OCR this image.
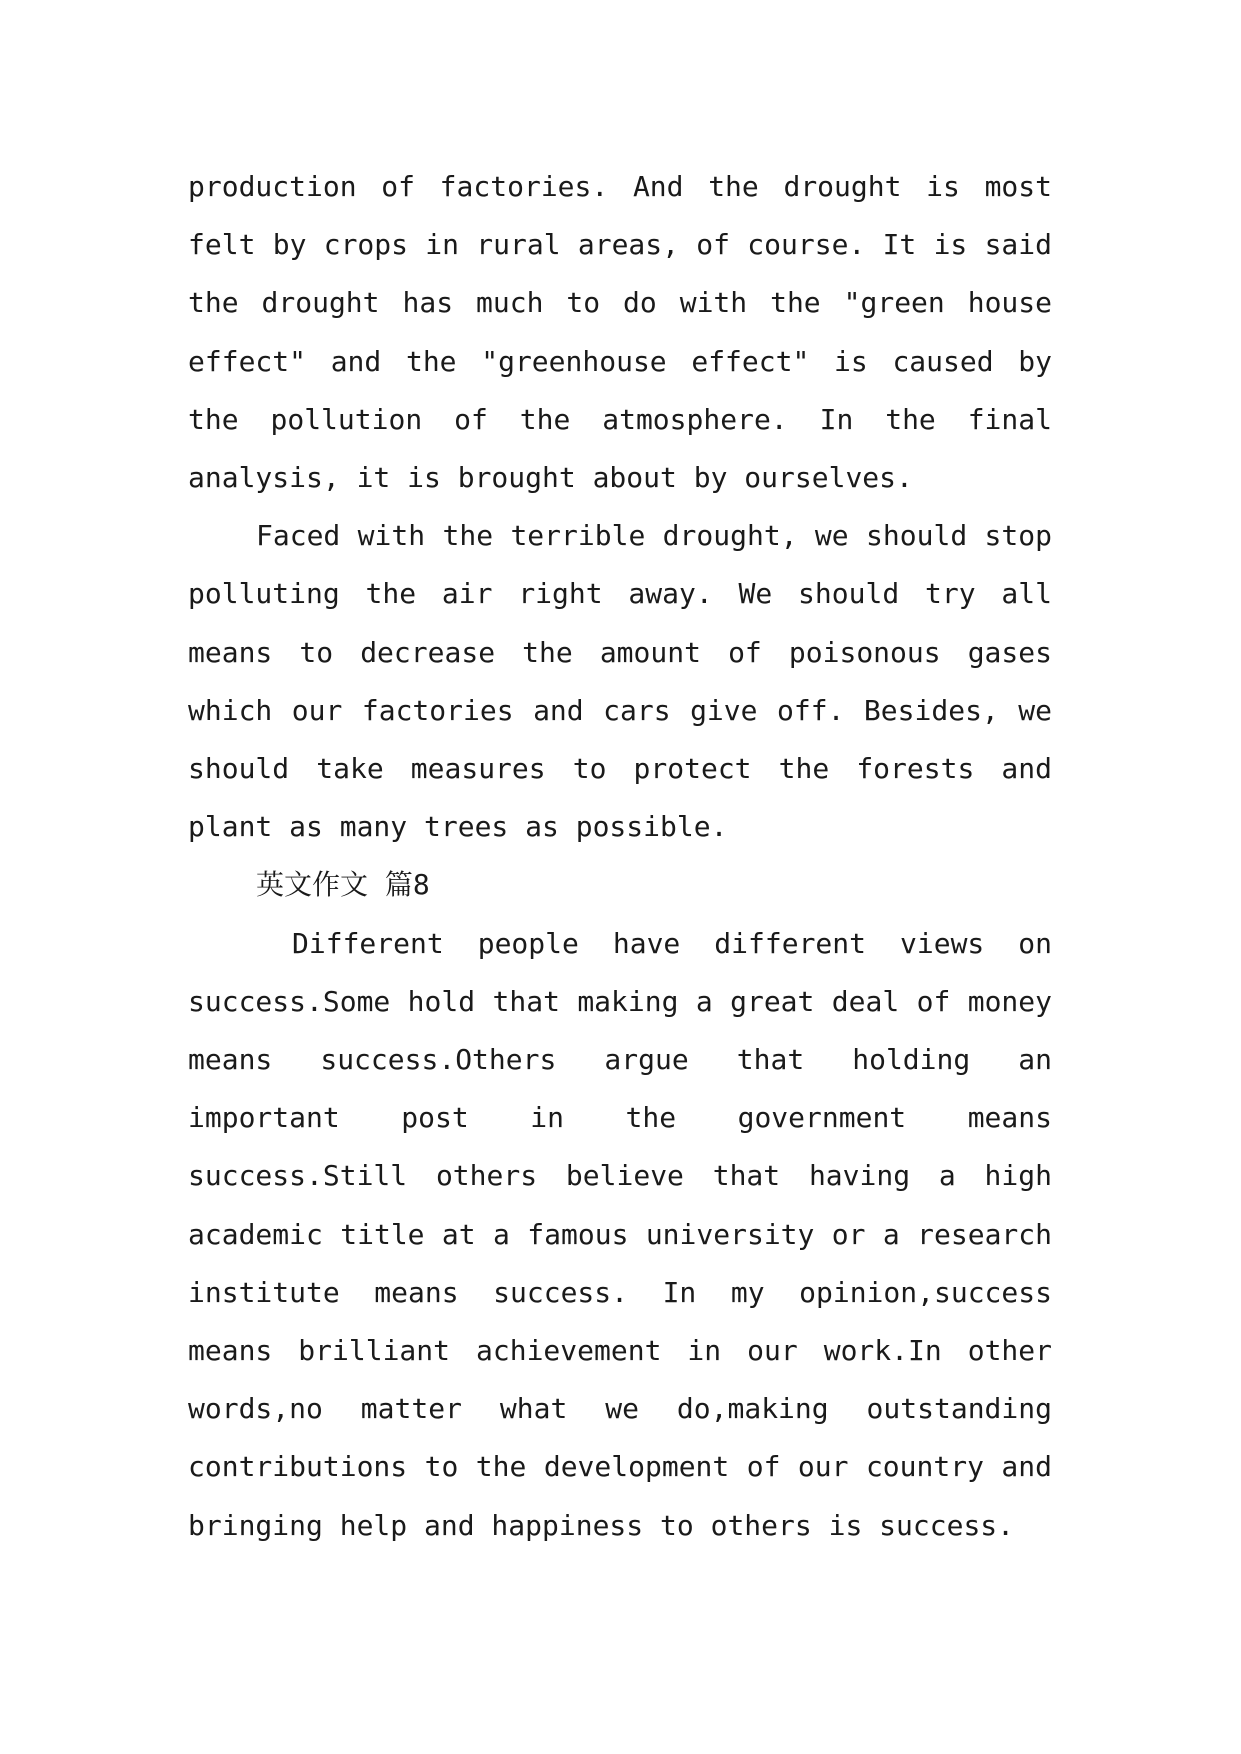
production of factories. And the drought is most felt by crops in rural areas, of course. It is said the drought has much to do with the "green house effect" and the "greenhouse effect" is caused by the pollution of the atmosphere. In the final analysis, it is brought about by ourselves.

Faced with the terrible drought, we should stop polluting the air right away. We should try all means to decrease the amount of poisonous gases which our factories and cars give off. Besides, we should take measures to protect the forests and plant as many trees as possible.

英文作文 篇8

Different people have different views on success.Some hold that making a great deal of money means success.Others argue that holding an important post in the government means success.Still others believe that having a high academic title at a famous university or a research institute means success. In my opinion,success means brilliant achievement in our work.In other words,no matter what we do,making outstanding contributions to the development of our country and bringing help and happiness to others is success.
